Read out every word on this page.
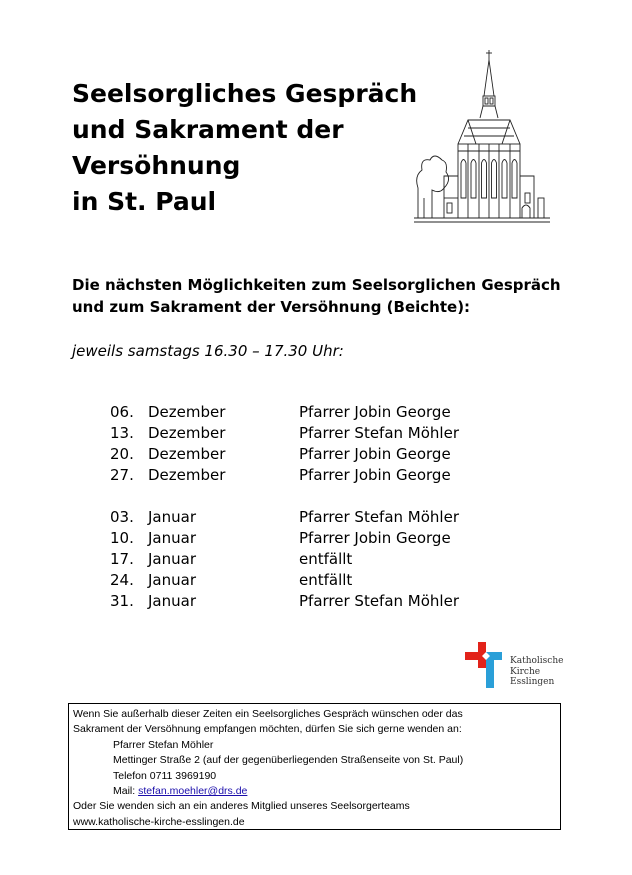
Seelsorgliches Gespräch
und Sakrament der
Versöhnung
in St. Paul
Die nächsten Möglichkeiten zum Seelsorglichen Gespräch
und zum Sakrament der Versöhnung (Beichte):
jeweils samstags 16.30 – 17.30 Uhr:
06. Dezember	Pfarrer Jobin George
13. Dezember	Pfarrer Stefan Möhler
20. Dezember	Pfarrer Jobin George
27. Dezember	Pfarrer Jobin George
03. Januar	Pfarrer Stefan Möhler
10. Januar	Pfarrer Jobin George
17. Januar	entfällt
24. Januar	entfällt
31. Januar	Pfarrer Stefan Möhler
Katholische
Kirche
Esslingen
Wenn Sie außerhalb dieser Zeiten ein Seelsorgliches Gespräch wünschen oder das
Sakrament der Versöhnung empfangen möchten, dürfen Sie sich gerne wenden an:
Pfarrer Stefan Möhler
Mettinger Straße 2 (auf der gegenüberliegenden Straßenseite von St. Paul)
Telefon 0711 3969190
Mail: stefan.moehler@drs.de
Oder Sie wenden sich an ein anderes Mitglied unseres Seelsorgerteams
www.katholische-kirche-esslingen.de
